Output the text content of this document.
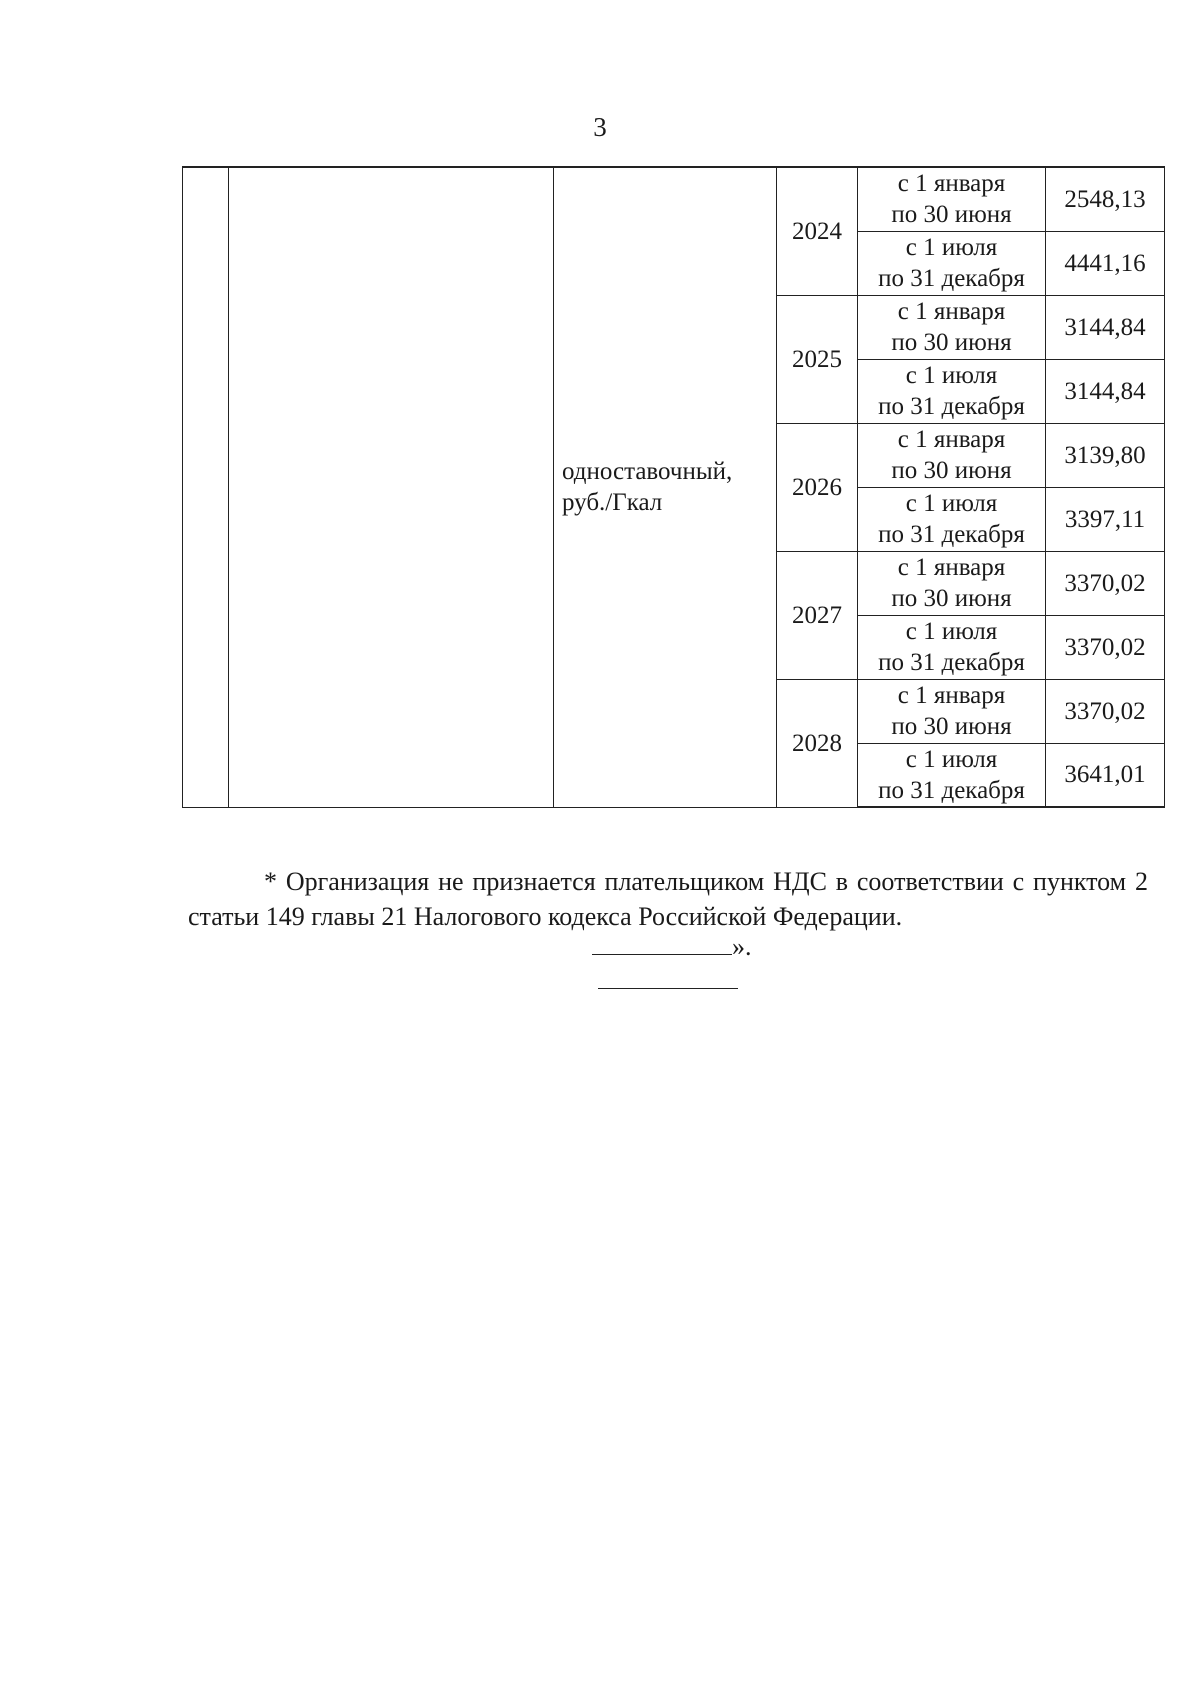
3
		одноставочный, руб./Гкал	2024	с 1 января
по 30 июня	2548,13

				с 1 июля
по 31 декабря	4441,16
			2025	с 1 января
по 30 июня	3144,84

				с 1 июля
по 31 декабря	3144,84
			2026	с 1 января
по 30 июня	3139,80

				с 1 июля
по 31 декабря	3397,11
			2027	с 1 января
по 30 июня	3370,02

				с 1 июля
по 31 декабря	3370,02
			2028	с 1 января
по 30 июня	3370,02

				с 1 июля
по 31 декабря	3641,01
* Организация не признается плательщиком НДС в соответствии с пунктом 2 статьи 149 главы 21 Налогового кодекса Российской Федерации.
».
